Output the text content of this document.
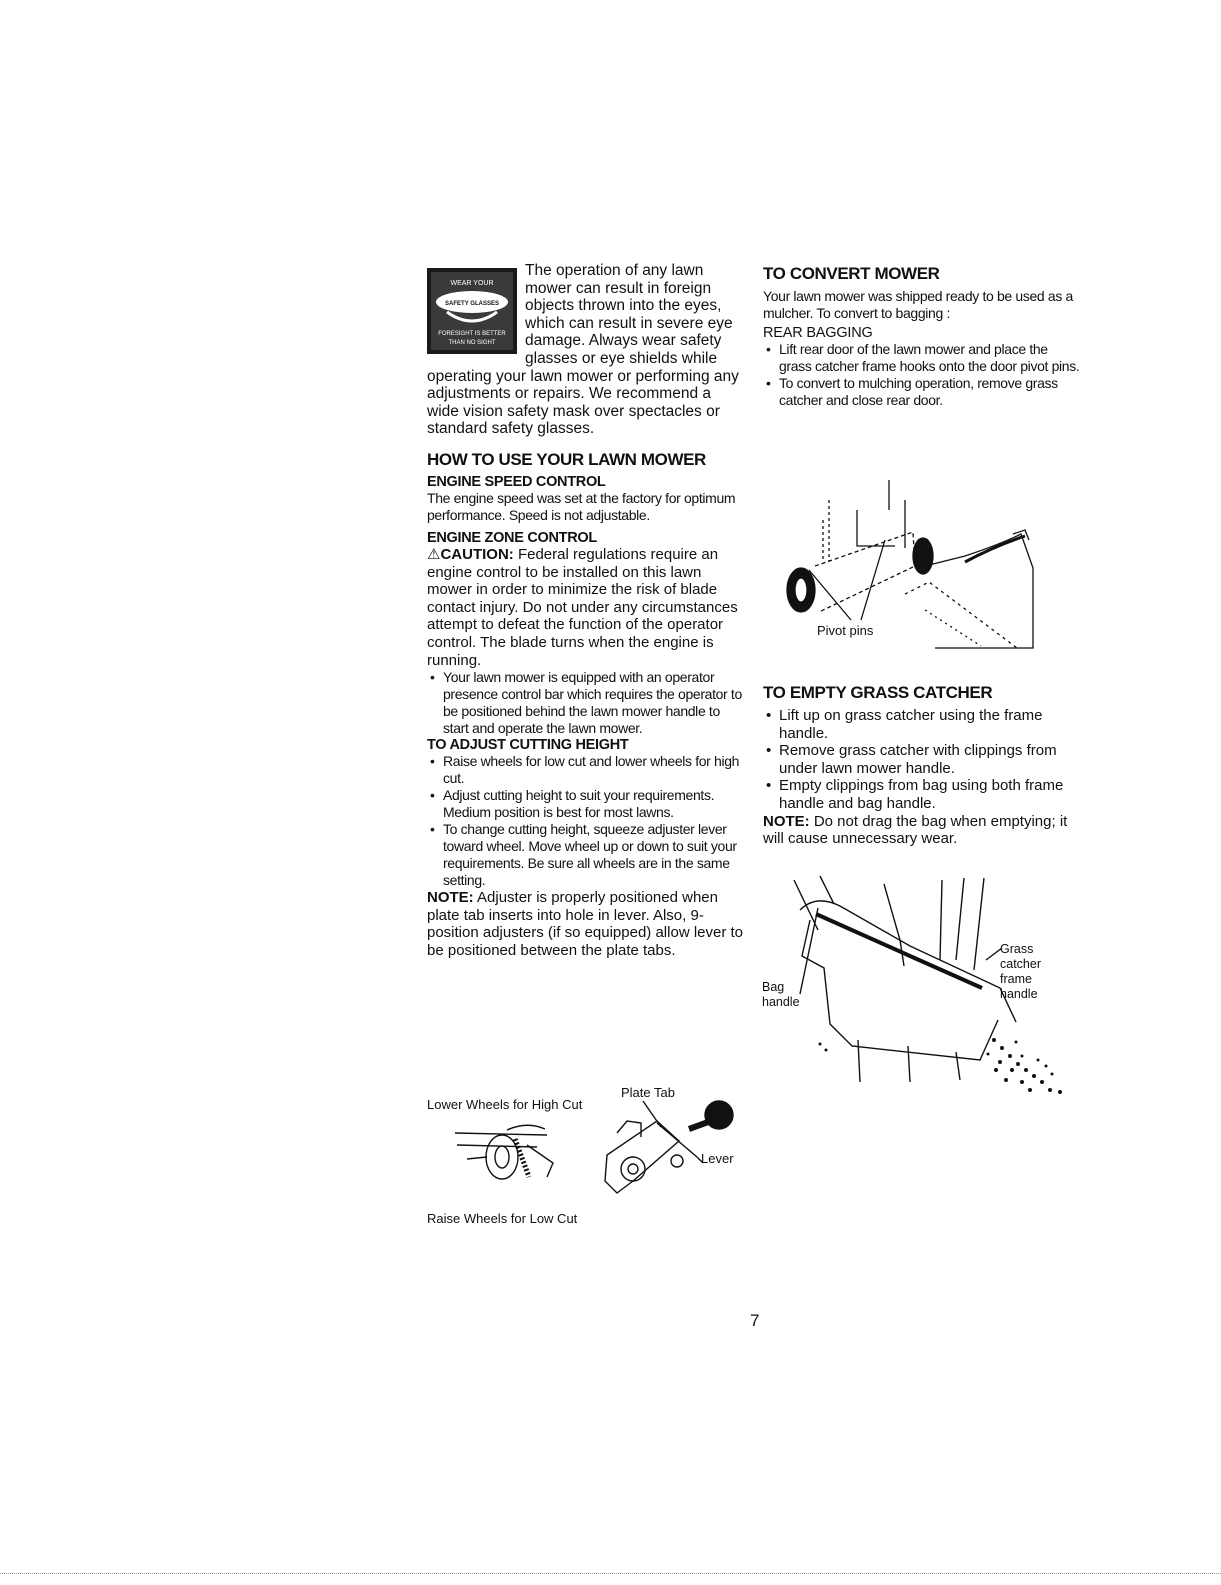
WEAR YOUR
SAFETY GLASSES
FORESIGHT IS BETTER
THAN NO SIGHT

The operation of any lawn mower can result in foreign objects thrown into the eyes, which can result in severe eye damage. Always wear safety glasses or eye shields while operating your lawn mower or performing any adjustments or repairs. We recommend a wide vision safety mask over spectacles or standard safety glasses.

HOW TO USE YOUR LAWN MOWER
ENGINE SPEED CONTROL

The engine speed was set at the factory for optimum performance. Speed is not adjustable.

ENGINE ZONE CONTROL

⚠CAUTION: Federal regulations require an engine control to be installed on this lawn mower in order to minimize the risk of blade contact injury. Do not under any circumstances attempt to defeat the function of the operator control. The blade turns when the engine is running.

• Your lawn mower is equipped with an operator presence control bar which requires the operator to be positioned behind the lawn mower handle to start and operate the lawn mower.
TO ADJUST CUTTING HEIGHT
• Raise wheels for low cut and lower wheels for high cut.
• Adjust cutting height to suit your requirements. Medium position is best for most lawns.
• To change cutting height, squeeze adjuster lever toward wheel. Move wheel up or down to suit your requirements. Be sure all wheels are in the same setting.

NOTE: Adjuster is properly positioned when plate tab inserts into hole in lever. Also, 9-position adjusters (if so equipped) allow lever to be positioned between the plate tabs.

Lower Wheels for High Cut
Plate Tab
Lever
Raise Wheels for Low Cut
TO CONVERT MOWER

Your lawn mower was shipped ready to be used as a mulcher. To convert to bagging :

REAR BAGGING
• Lift rear door of the lawn mower and place the grass catcher frame hooks onto the door pivot pins.
• To convert to mulching operation, remove grass catcher and close rear door.
Pivot pins
TO EMPTY GRASS CATCHER
• Lift up on grass catcher using the frame handle.
• Remove grass catcher with clippings from under lawn mower handle.
• Empty clippings from bag using both frame handle and bag handle.

NOTE: Do not drag the bag when emptying; it will cause unnecessary wear.

Bag
handle
Grass
catcher
frame
handle
7
